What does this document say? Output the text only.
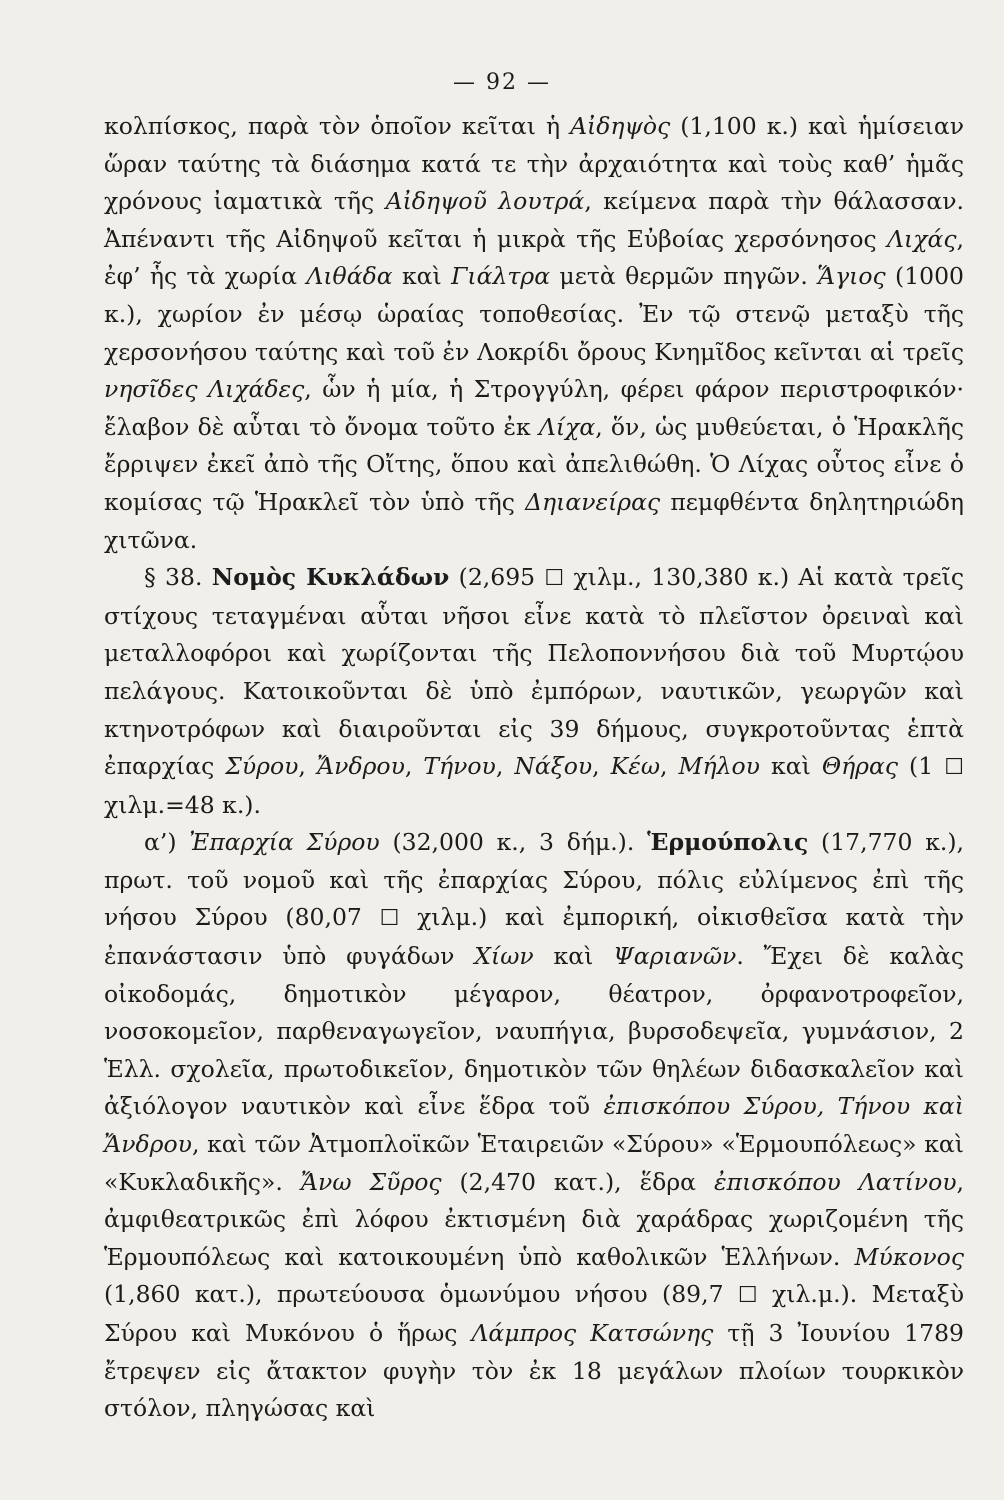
— 92 —

κολπίσκος, παρὰ τὸν ὁποῖον κεῖται ἡ Αἰδηψὸς (1,100 κ.) καὶ ἡμίσειαν ὥραν ταύτης τὰ διάσημα κατά τε τὴν ἀρχαιότητα καὶ τοὺς καθ’ ἡμᾶς χρόνους ἰαματικὰ τῆς Αἰδηψοῦ λουτρά, κείμενα παρὰ τὴν θάλασσαν. Ἀπέναντι τῆς Αἰδηψοῦ κεῖται ἡ μικρὰ τῆς Εὐβοίας χερσόνησος Λιχάς, ἐφ’ ἧς τὰ χωρία Λιθάδα καὶ Γιάλτρα μετὰ θερμῶν πηγῶν. Ἅγιος (1000 κ.), χωρίον ἐν μέσῳ ὡραίας τοποθεσίας. Ἐν τῷ στενῷ μεταξὺ τῆς χερσονήσου ταύτης καὶ τοῦ ἐν Λοκρίδι ὄρους Κνημῖδος κεῖνται αἱ τρεῖς νησῖδες Λιχάδες, ὧν ἡ μία, ἡ Στρογγύλη, φέρει φάρον περιστροφικόν· ἔλαβον δὲ αὗται τὸ ὄνομα τοῦτο ἐκ Λίχα, ὅν, ὡς μυθεύεται, ὁ Ἡρακλῆς ἔρριψεν ἐκεῖ ἀπὸ τῆς Οἴτης, ὅπου καὶ ἀπελιθώθη. Ὁ Λίχας οὗτος εἶνε ὁ κομίσας τῷ Ἡρακλεῖ τὸν ὑπὸ τῆς Δηιανείρας πεμφθέντα δηλητηριώδη χιτῶνα.

§ 38. Νομὸς Κυκλάδων (2,695 ☐ χιλμ., 130,380 κ.) Αἱ κατὰ τρεῖς στίχους τεταγμέναι αὗται νῆσοι εἶνε κατὰ τὸ πλεῖστον ὀρειναὶ καὶ μεταλλοφόροι καὶ χωρίζονται τῆς Πελοποννήσου διὰ τοῦ Μυρτῴου πελάγους. Κατοικοῦνται δὲ ὑπὸ ἐμπόρων, ναυτικῶν, γεωργῶν καὶ κτηνοτρόφων καὶ διαιροῦνται εἰς 39 δήμους, συγκροτοῦντας ἑπτὰ ἐπαρχίας Σύρου, Ἄνδρου, Τήνου, Νάξου, Κέω, Μήλου καὶ Θήρας (1 ☐ χιλμ.=48 κ.).

α’) Ἐπαρχία Σύρου (32,000 κ., 3 δήμ.). Ἑρμούπολις (17,770 κ.), πρωτ. τοῦ νομοῦ καὶ τῆς ἐπαρχίας Σύρου, πόλις εὐλίμενος ἐπὶ τῆς νήσου Σύρου (80,07 ☐ χιλμ.) καὶ ἐμπορική, οἰκισθεῖσα κατὰ τὴν ἐπανάστασιν ὑπὸ φυγάδων Χίων καὶ Ψαριανῶν. Ἔχει δὲ καλὰς οἰκοδομάς, δημοτικὸν μέγαρον, θέατρον, ὀρφανοτροφεῖον, νοσοκομεῖον, παρθεναγωγεῖον, ναυπήγια, βυρσοδεψεῖα, γυμνάσιον, 2 Ἑλλ. σχολεῖα, πρωτοδικεῖον, δημοτικὸν τῶν θηλέων διδασκαλεῖον καὶ ἀξιόλογον ναυτικὸν καὶ εἶνε ἕδρα τοῦ ἐπισκόπου Σύρου, Τήνου καὶ Ἄνδρου, καὶ τῶν Ἀτμοπλοϊκῶν Ἑταιρειῶν «Σύρου» «Ἑρμουπόλεως» καὶ «Κυκλαδικῆς». Ἄνω Σῦρος (2,470 κατ.), ἕδρα ἐπισκόπου Λατίνου, ἀμφιθεατρικῶς ἐπὶ λόφου ἐκτισμένη διὰ χαράδρας χωριζομένη τῆς Ἑρμουπόλεως καὶ κατοικουμένη ὑπὸ καθολικῶν Ἑλλήνων. Μύκονος (1,860 κατ.), πρωτεύουσα ὁμωνύμου νήσου (89,7 ☐ χιλ.μ.). Μεταξὺ Σύρου καὶ Μυκόνου ὁ ἥρως Λάμπρος Κατσώνης τῇ 3 Ἰουνίου 1789 ἔτρεψεν εἰς ἄτακτον φυγὴν τὸν ἐκ 18 μεγάλων πλοίων τουρκικὸν στόλον, πληγώσας καὶ
